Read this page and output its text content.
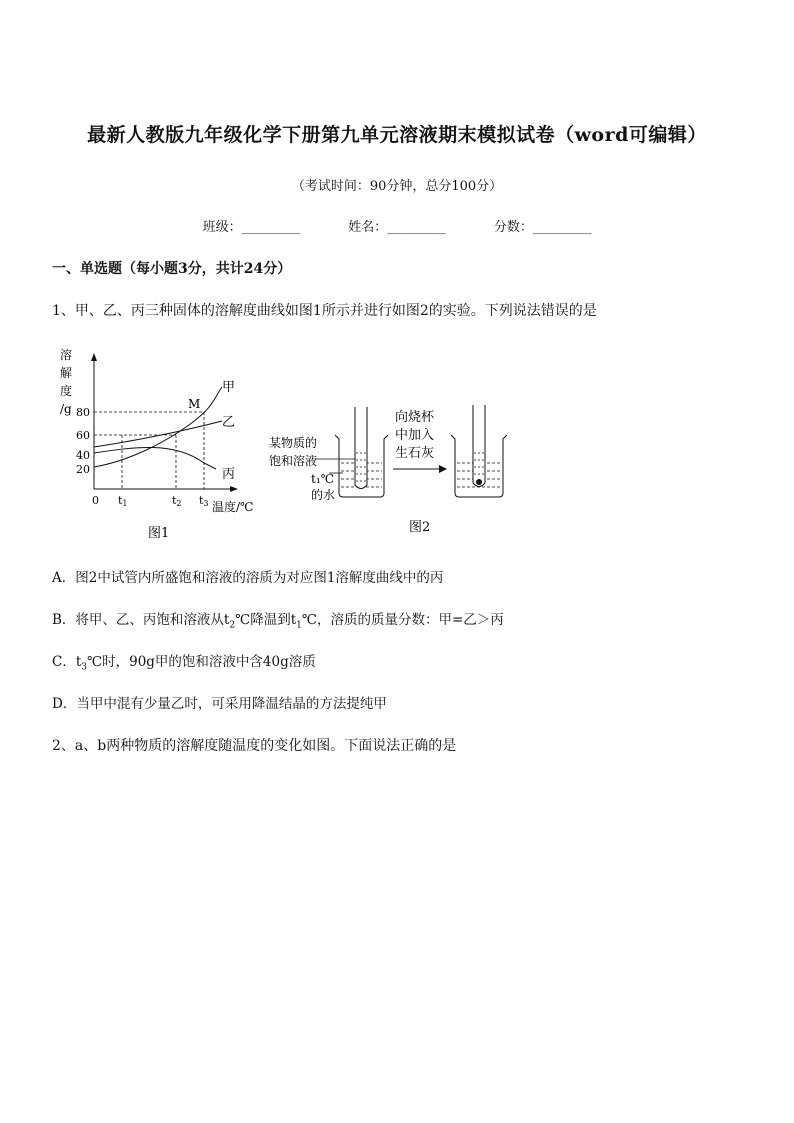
最新人教版九年级化学下册第九单元溶液期末模拟试卷（word可编辑）
（考试时间：90分钟，总分100分）
班级：_________	姓名：_________	分数：_________
一、单选题（每小题3分，共计24分）
1、甲、乙、丙三种固体的溶解度曲线如图1所示并进行如图2的实验。下列说法错误的是
溶
解
度
/g 80
60
40
20
0 t1	t2 t3 温度/℃
M
甲
乙
丙
图1
某物质的
饱和溶液
t₁℃
的水
向烧杯
中加入
生石灰
图2
A．图2中试管内所盛饱和溶液的溶质为对应图1溶解度曲线中的丙
B．将甲、乙、丙饱和溶液从$t_2℃$降温到$t_1℃$，溶质的质量分数：甲=乙＞丙
C．$t_3℃$时，90g甲的饱和溶液中含40g溶质
D．当甲中混有少量乙时，可采用降温结晶的方法提纯甲
2、a、b两种物质的溶解度随温度的变化如图。下面说法正确的是
